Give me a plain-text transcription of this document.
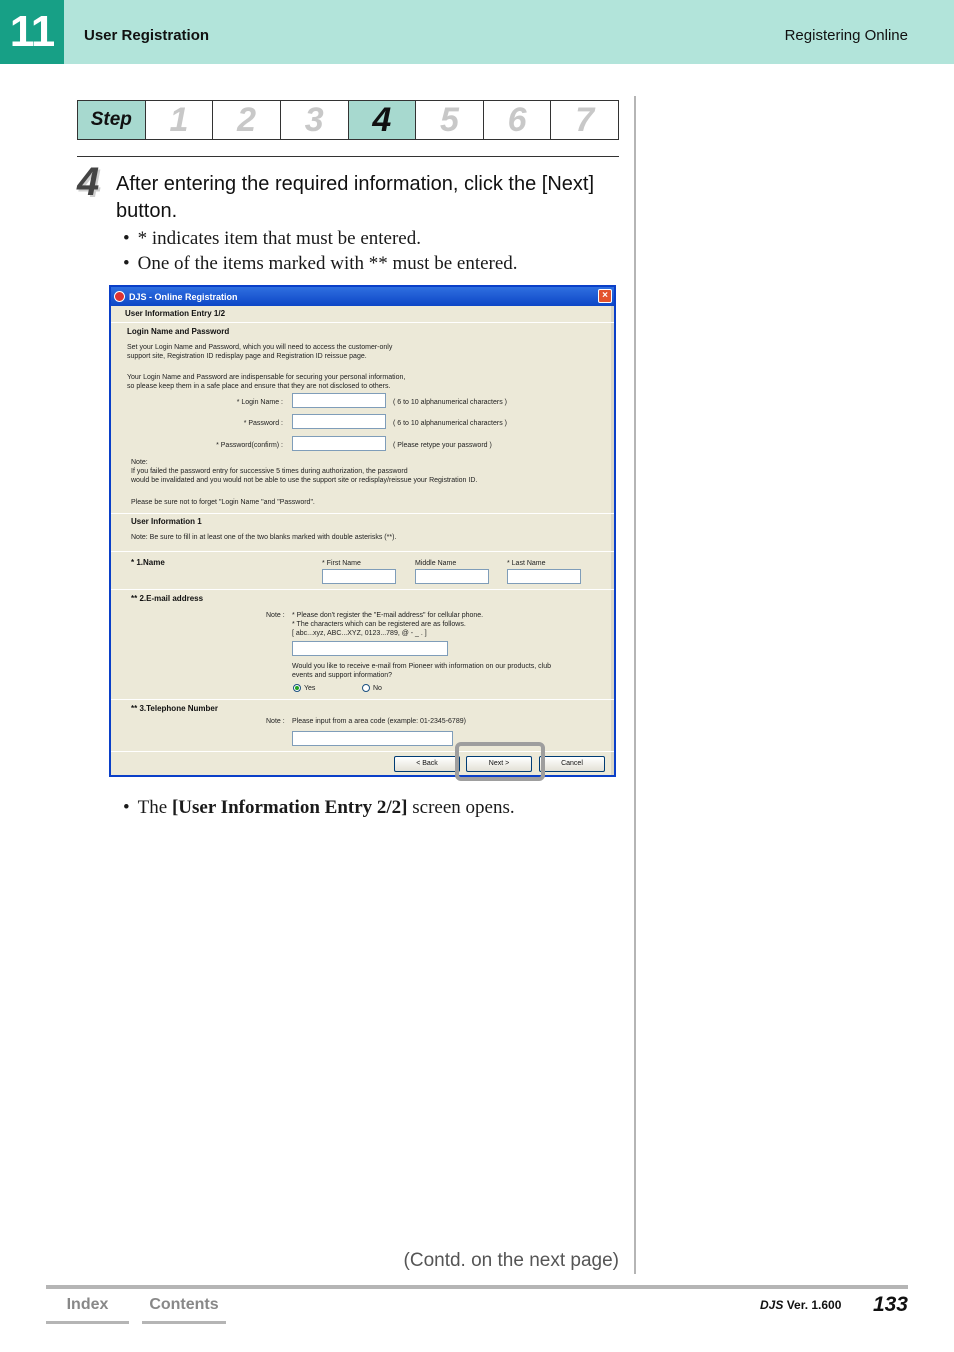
11	User Registration	Registering Online
Step	1	2	3	4	5	6	7
4 After entering the required information, click the [Next] button.
• * indicates item that must be entered.
• One of the items marked with ** must be entered.
DJS - Online Registration	×
User Information Entry 1/2
Login Name and Password
Set your Login Name and Password, which you will need to access the customer-only
support site, Registration ID redisplay page and Registration ID reissue page.
Your Login Name and Password are indispensable for securing your personal information,
so please keep them in a safe place and ensure that they are not disclosed to others.
* Login Name :	( 6 to 10 alphanumerical characters )
* Password :	( 6 to 10 alphanumerical characters )
* Password(confirm) :	( Please retype your password )
Note:
If you failed the password entry for successive 5 times during authorization, the password
would be invalidated and you would not be able to use the support site or redisplay/reissue your Registration ID.
Please be sure not to forget "Login Name "and "Password".
User Information 1
Note: Be sure to fill in at least one of the two blanks marked with double asterisks (**).
* 1.Name	* First Name	Middle Name	* Last Name
** 2.E-mail address
Note : * Please don't register the "E-mail address" for cellular phone.
* The characters which can be registered are as follows.
[ abc...xyz, ABC...XYZ, 0123...789, @ - _ . ]
Would you like to receive e-mail from Pioneer with information on our products, club
events and support information?
Yes	No
** 3.Telephone Number
Note : Please input from a area code (example: 01-2345-6789)
< Back	Next >	Cancel
• The [User Information Entry 2/2] screen opens.
(Contd. on the next page)
Index	Contents	DJS Ver. 1.600 133
